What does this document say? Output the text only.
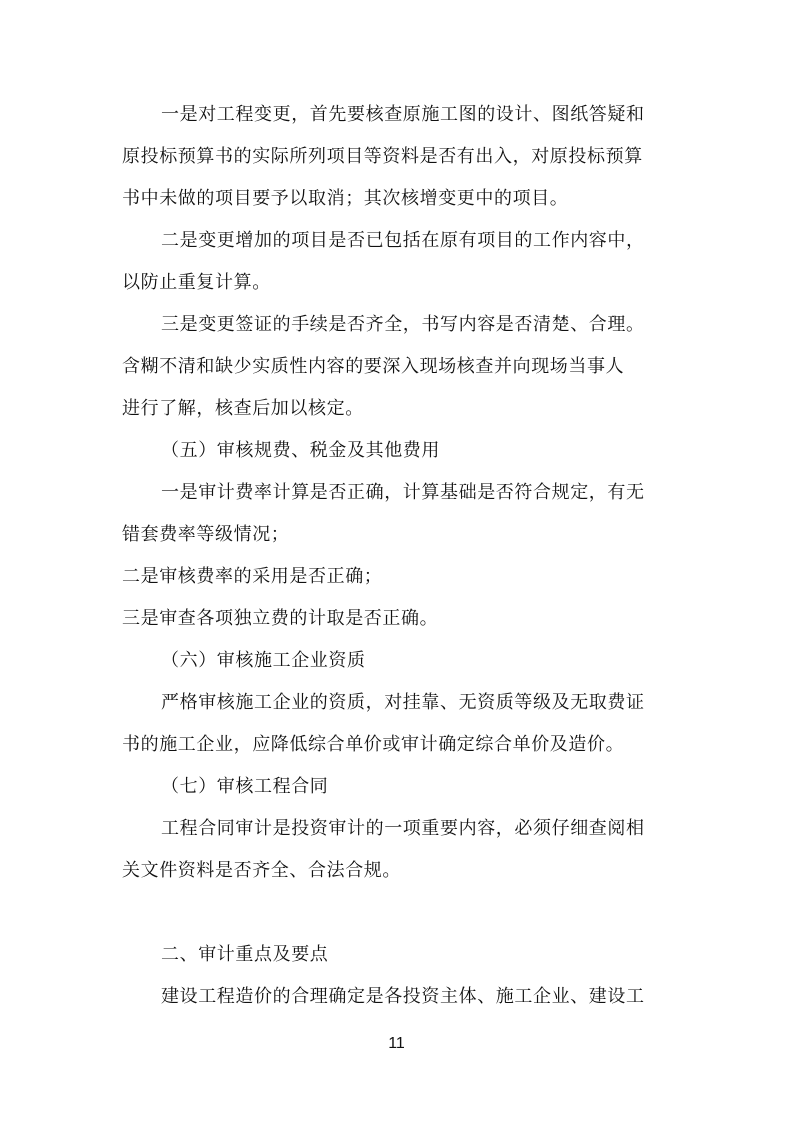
一是对工程变更，首先要核查原施工图的设计、图纸答疑和
原投标预算书的实际所列项目等资料是否有出入，对原投标预算
书中未做的项目要予以取消；其次核增变更中的项目。
二是变更增加的项目是否已包括在原有项目的工作内容中，
以防止重复计算。
三是变更签证的手续是否齐全，书写内容是否清楚、合理。
含糊不清和缺少实质性内容的要深入现场核查并向现场当事人
进行了解，核查后加以核定。
（五）审核规费、税金及其他费用
一是审计费率计算是否正确，计算基础是否符合规定，有无
错套费率等级情况；
二是审核费率的采用是否正确；
三是审查各项独立费的计取是否正确。
（六）审核施工企业资质
严格审核施工企业的资质，对挂靠、无资质等级及无取费证
书的施工企业，应降低综合单价或审计确定综合单价及造价。
（七）审核工程合同
工程合同审计是投资审计的一项重要内容，必须仔细查阅相
关文件资料是否齐全、合法合规。
二、审计重点及要点
建设工程造价的合理确定是各投资主体、施工企业、建设工
11
